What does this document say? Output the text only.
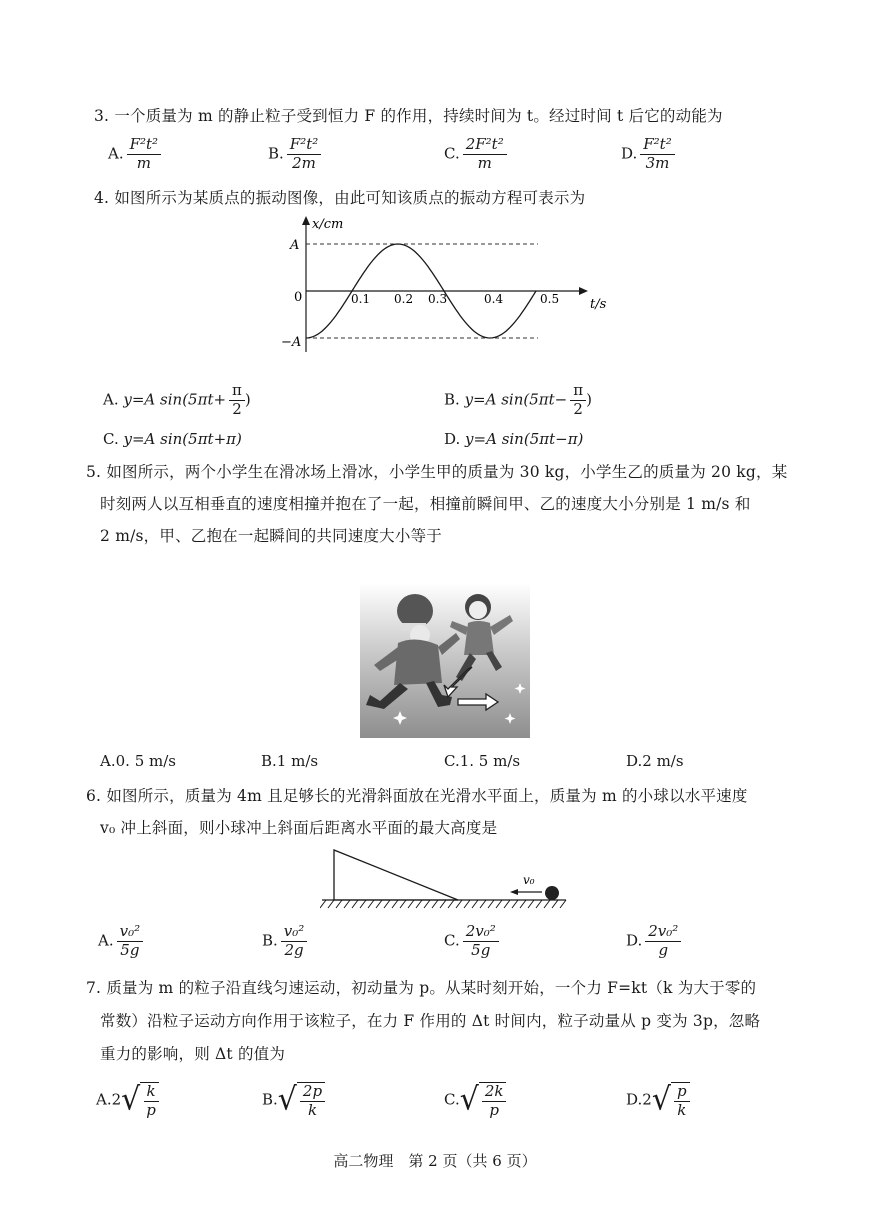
3. 一个质量为 m 的静止粒子受到恒力 F 的作用，持续时间为 t。经过时间 t 后它的动能为
A. $\frac{\text{F²t²}}{m}$	B. $\frac{\text{F²t²}}{2m}$	C. $\frac{\text{2F²t²}}{m}$	D. $\frac{\text{F²t²}}{3m}$
4. 如图所示为某质点的振动图像，由此可知该质点的振动方程可表示为
x/cm
t/s
A
0
−A
0.1 0.2 0.3	0.4	0.5
A. y=A $\sin(5\pi t+ \frac{\pi}{2}$ )	B. y=A $\sin(5\pi t- \frac{\pi}{2}$ )
C. y=A sin(5πt+π)	D. y=A sin(5πt−π)
5. 如图所示，两个小学生在滑冰场上滑冰，小学生甲的质量为 30 kg，小学生乙的质量为 20 kg，某
时刻两人以互相垂直的速度相撞并抱在了一起，相撞前瞬间甲、乙的速度大小分别是 1 m/s 和
2 m/s，甲、乙抱在一起瞬间的共同速度大小等于
A.0. 5 m/s	B.1 m/s	C.1. 5 m/s	D.2 m/s
6. 如图所示，质量为 4m 且足够长的光滑斜面放在光滑水平面上，质量为 m 的小球以水平速度
v₀ 冲上斜面，则小球冲上斜面后距离水平面的最大高度是
v₀
A. $\frac{\text{v₀²}}{5g}$	B. $\frac{\text{v₀²}}{2g}$	C. $\frac{\text{2v₀²}}{5g}$	D. $\frac{\text{2v₀²}}{g}$
7. 质量为 m 的粒子沿直线匀速运动，初动量为 p。从某时刻开始，一个力 F=kt（k 为大于零的
常数）沿粒子运动方向作用于该粒子，在力 F 作用的 Δt 时间内，粒子动量从 p 变为 3p，忽略
重力的影响，则 Δt 的值为
A.2 √ $\frac{k}{p}$	B. √ $\frac{2p}{k}$	C. √ $\frac{2k}{p}$	D.2 √ $\frac{p}{k}$
高二物理　第 2 页（共 6 页）
